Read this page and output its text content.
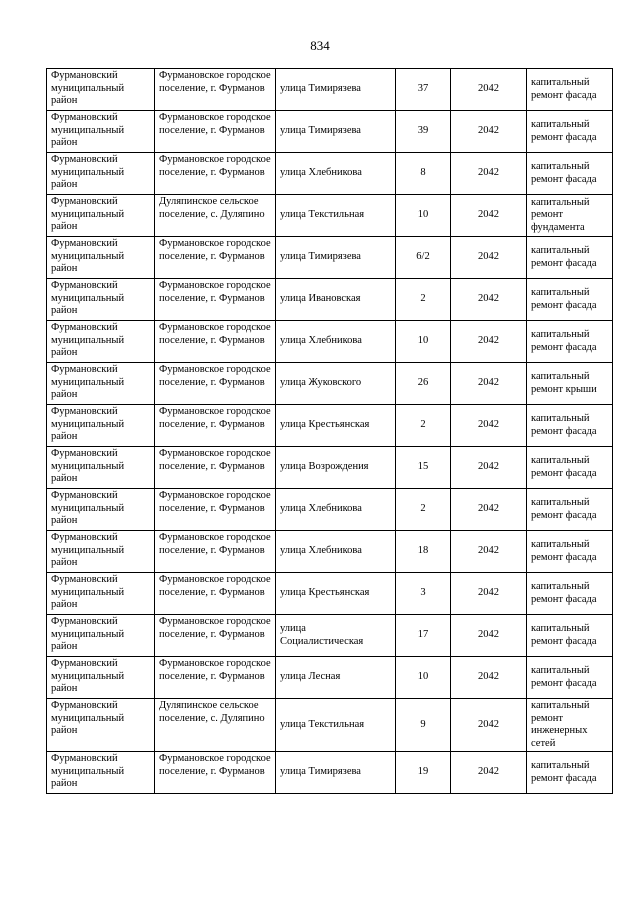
834
Фурмановский муниципальный район	Фурмановское городское поселение, г. Фурманов	улица Тимирязева	37	2042	капитальный ремонт фасада
Фурмановский муниципальный район	Фурмановское городское поселение, г. Фурманов	улица Тимирязева	39	2042	капитальный ремонт фасада
Фурмановский муниципальный район	Фурмановское городское поселение, г. Фурманов	улица Хлебникова	8	2042	капитальный ремонт фасада
Фурмановский муниципальный район	Дуляпинское сельское поселение, с. Дуляпино	улица Текстильная	10	2042	капитальный ремонт фундамента
Фурмановский муниципальный район	Фурмановское городское поселение, г. Фурманов	улица Тимирязева	6/2	2042	капитальный ремонт фасада
Фурмановский муниципальный район	Фурмановское городское поселение, г. Фурманов	улица Ивановская	2	2042	капитальный ремонт фасада
Фурмановский муниципальный район	Фурмановское городское поселение, г. Фурманов	улица Хлебникова	10	2042	капитальный ремонт фасада
Фурмановский муниципальный район	Фурмановское городское поселение, г. Фурманов	улица Жуковского	26	2042	капитальный ремонт крыши
Фурмановский муниципальный район	Фурмановское городское поселение, г. Фурманов	улица Крестьянская	2	2042	капитальный ремонт фасада
Фурмановский муниципальный район	Фурмановское городское поселение, г. Фурманов	улица Возрождения	15	2042	капитальный ремонт фасада
Фурмановский муниципальный район	Фурмановское городское поселение, г. Фурманов	улица Хлебникова	2	2042	капитальный ремонт фасада
Фурмановский муниципальный район	Фурмановское городское поселение, г. Фурманов	улица Хлебникова	18	2042	капитальный ремонт фасада
Фурмановский муниципальный район	Фурмановское городское поселение, г. Фурманов	улица Крестьянская	3	2042	капитальный ремонт фасада
Фурмановский муниципальный район	Фурмановское городское поселение, г. Фурманов	улица Социалистическая	17	2042	капитальный ремонт фасада
Фурмановский муниципальный район	Фурмановское городское поселение, г. Фурманов	улица Лесная	10	2042	капитальный ремонт фасада
Фурмановский муниципальный район	Дуляпинское сельское поселение, с. Дуляпино	улица Текстильная	9	2042	капитальный ремонт инженерных сетей
Фурмановский муниципальный район	Фурмановское городское поселение, г. Фурманов	улица Тимирязева	19	2042	капитальный ремонт фасада
